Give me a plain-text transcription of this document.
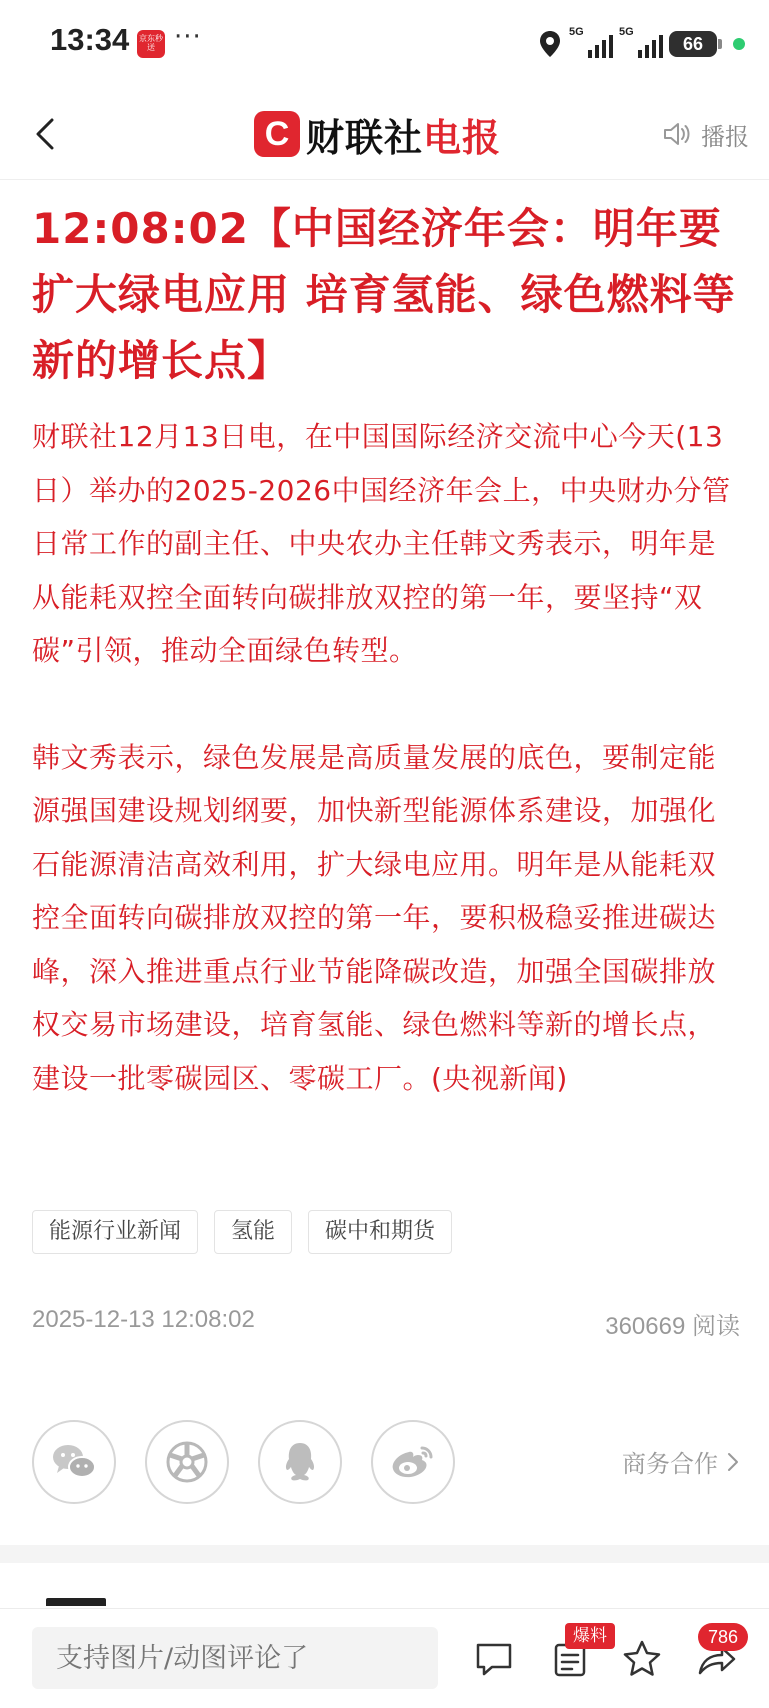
13:34 京东秒送 ···	5G	5G
66
C 财联社电报	播报
12:08:02【中国经济年会：明年要扩大绿电应用 培育氢能、绿色燃料等新的增长点】
财联社12月13日电，在中国国际经济交流中心今天(13日）举办的2025-2026中国经济年会上，中央财办分管日常工作的副主任、中央农办主任韩文秀表示，明年是从能耗双控全面转向碳排放双控的第一年，要坚持“双碳”引领，推动全面绿色转型。
韩文秀表示，绿色发展是高质量发展的底色，要制定能源强国建设规划纲要，加快新型能源体系建设，加强化石能源清洁高效利用，扩大绿电应用。明年是从能耗双控全面转向碳排放双控的第一年，要积极稳妥推进碳达峰，深入推进重点行业节能降碳改造，加强全国碳排放权交易市场建设，培育氢能、绿色燃料等新的增长点，建设一批零碳园区、零碳工厂。(央视新闻)
能源行业新闻	氢能	碳中和期货
2025-12-13 12:08:02	360669 阅读
商务合作
支持图片/动图评论了
爆料	786
